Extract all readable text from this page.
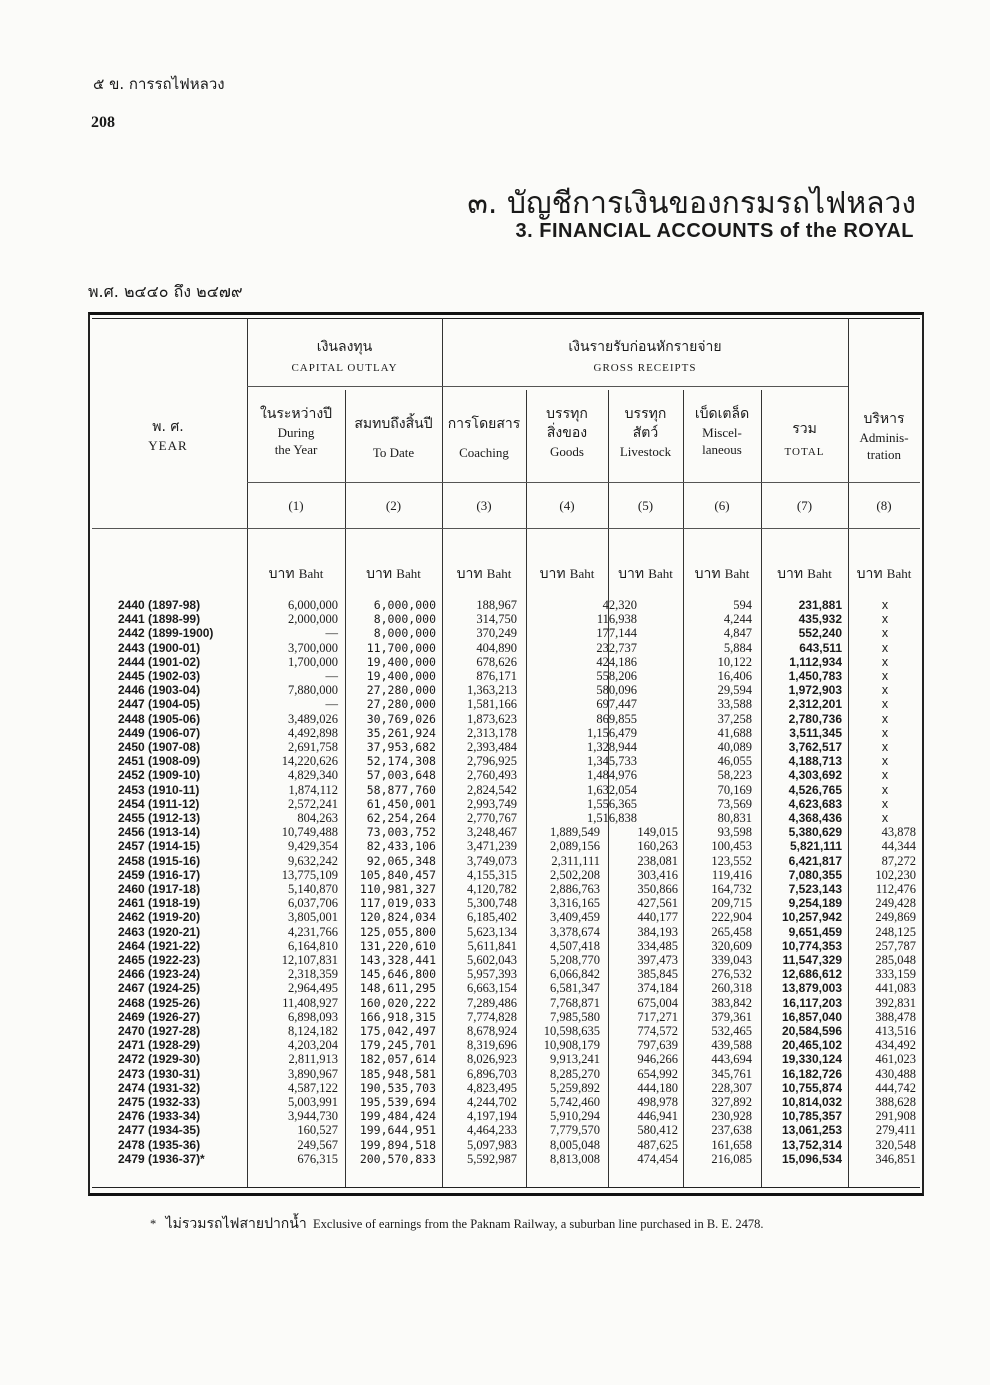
๕ ข. การรถไฟหลวง
208
๓. บัญชีการเงินของกรมรถไฟหลวง
3. FINANCIAL ACCOUNTS of the ROYAL
พ.ศ. ๒๔๔๐ ถึง ๒๔๗๙
เงินลงทุน
CAPITAL OUTLAY
เงินรายรับก่อนหักรายจ่าย
GROSS RECEIPTS
พ. ศ.
YEAR
ในระหว่างปี
During
the Year
สมทบถึงสิ้นปี
To Date
การโดยสาร
Coaching
บรรทุก
สิ่งของ
Goods
บรรทุก
สัตว์
Livestock
เบ็ดเตล็ด
Miscel-
laneous
รวม
TOTAL
บริหาร
Adminis-
tration
(1)	(2)	(3)	(4)	(5)	(6)	(7)	(8)
บาท Baht	บาท Baht	บาท Baht	บาท Baht	บาท Baht	บาท Baht	บาท Baht	บาท Baht
2440 (1897-98)	6,000,000	6,000,000	188,967	42,320	594	231,881	x
2441 (1898-99)	2,000,000	8,000,000	314,750	116,938	4,244	435,932	x
2442 (1899-1900)	—	8,000,000	370,249	177,144	4,847	552,240	x
2443 (1900-01)	3,700,000	11,700,000	404,890	232,737	5,884	643,511	x
2444 (1901-02)	1,700,000	19,400,000	678,626	424,186	10,122	1,112,934	x
2445 (1902-03)	—	19,400,000	876,171	558,206	16,406	1,450,783	x
2446 (1903-04)	7,880,000	27,280,000	1,363,213	580,096	29,594	1,972,903	x
2447 (1904-05)	—	27,280,000	1,581,166	697,447	33,588	2,312,201	x
2448 (1905-06)	3,489,026	30,769,026	1,873,623	869,855	37,258	2,780,736	x
2449 (1906-07)	4,492,898	35,261,924	2,313,178	1,156,479	41,688	3,511,345	x
2450 (1907-08)	2,691,758	37,953,682	2,393,484	1,328,944	40,089	3,762,517	x
2451 (1908-09)	14,220,626	52,174,308	2,796,925	1,345,733	46,055	4,188,713	x
2452 (1909-10)	4,829,340	57,003,648	2,760,493	1,484,976	58,223	4,303,692	x
2453 (1910-11)	1,874,112	58,877,760	2,824,542	1,632,054	70,169	4,526,765	x
2454 (1911-12)	2,572,241	61,450,001	2,993,749	1,556,365	73,569	4,623,683	x
2455 (1912-13)	804,263	62,254,264	2,770,767	1,516,838	80,831	4,368,436	x
2456 (1913-14)	10,749,488	73,003,752	3,248,467	1,889,549	149,015	93,598	5,380,629	43,878
2457 (1914-15)	9,429,354	82,433,106	3,471,239	2,089,156	160,263	100,453	5,821,111	44,344
2458 (1915-16)	9,632,242	92,065,348	3,749,073	2,311,111	238,081	123,552	6,421,817	87,272
2459 (1916-17)	13,775,109	105,840,457	4,155,315	2,502,208	303,416	119,416	7,080,355	102,230
2460 (1917-18)	5,140,870	110,981,327	4,120,782	2,886,763	350,866	164,732	7,523,143	112,476
2461 (1918-19)	6,037,706	117,019,033	5,300,748	3,316,165	427,561	209,715	9,254,189	249,428
2462 (1919-20)	3,805,001	120,824,034	6,185,402	3,409,459	440,177	222,904	10,257,942	249,869
2463 (1920-21)	4,231,766	125,055,800	5,623,134	3,378,674	384,193	265,458	9,651,459	248,125
2464 (1921-22)	6,164,810	131,220,610	5,611,841	4,507,418	334,485	320,609	10,774,353	257,787
2465 (1922-23)	12,107,831	143,328,441	5,602,043	5,208,770	397,473	339,043	11,547,329	285,048
2466 (1923-24)	2,318,359	145,646,800	5,957,393	6,066,842	385,845	276,532	12,686,612	333,159
2467 (1924-25)	2,964,495	148,611,295	6,663,154	6,581,347	374,184	260,318	13,879,003	441,083
2468 (1925-26)	11,408,927	160,020,222	7,289,486	7,768,871	675,004	383,842	16,117,203	392,831
2469 (1926-27)	6,898,093	166,918,315	7,774,828	7,985,580	717,271	379,361	16,857,040	388,478
2470 (1927-28)	8,124,182	175,042,497	8,678,924	10,598,635	774,572	532,465	20,584,596	413,516
2471 (1928-29)	4,203,204	179,245,701	8,319,696	10,908,179	797,639	439,588	20,465,102	434,492
2472 (1929-30)	2,811,913	182,057,614	8,026,923	9,913,241	946,266	443,694	19,330,124	461,023
2473 (1930-31)	3,890,967	185,948,581	6,896,703	8,285,270	654,992	345,761	16,182,726	430,488
2474 (1931-32)	4,587,122	190,535,703	4,823,495	5,259,892	444,180	228,307	10,755,874	444,742
2475 (1932-33)	5,003,991	195,539,694	4,244,702	5,742,460	498,978	327,892	10,814,032	388,628
2476 (1933-34)	3,944,730	199,484,424	4,197,194	5,910,294	446,941	230,928	10,785,357	291,908
2477 (1934-35)	160,527	199,644,951	4,464,233	7,779,570	580,412	237,638	13,061,253	279,411
2478 (1935-36)	249,567	199,894,518	5,097,983	8,005,048	487,625	161,658	13,752,314	320,548
2479 (1936-37)*	676,315	200,570,833	5,592,987	8,813,008	474,454	216,085	15,096,534	346,851
* ไม่รวมรถไฟสายปากน้ำ Exclusive of earnings from the Paknam Railway, a suburban line purchased in B. E. 2478.
